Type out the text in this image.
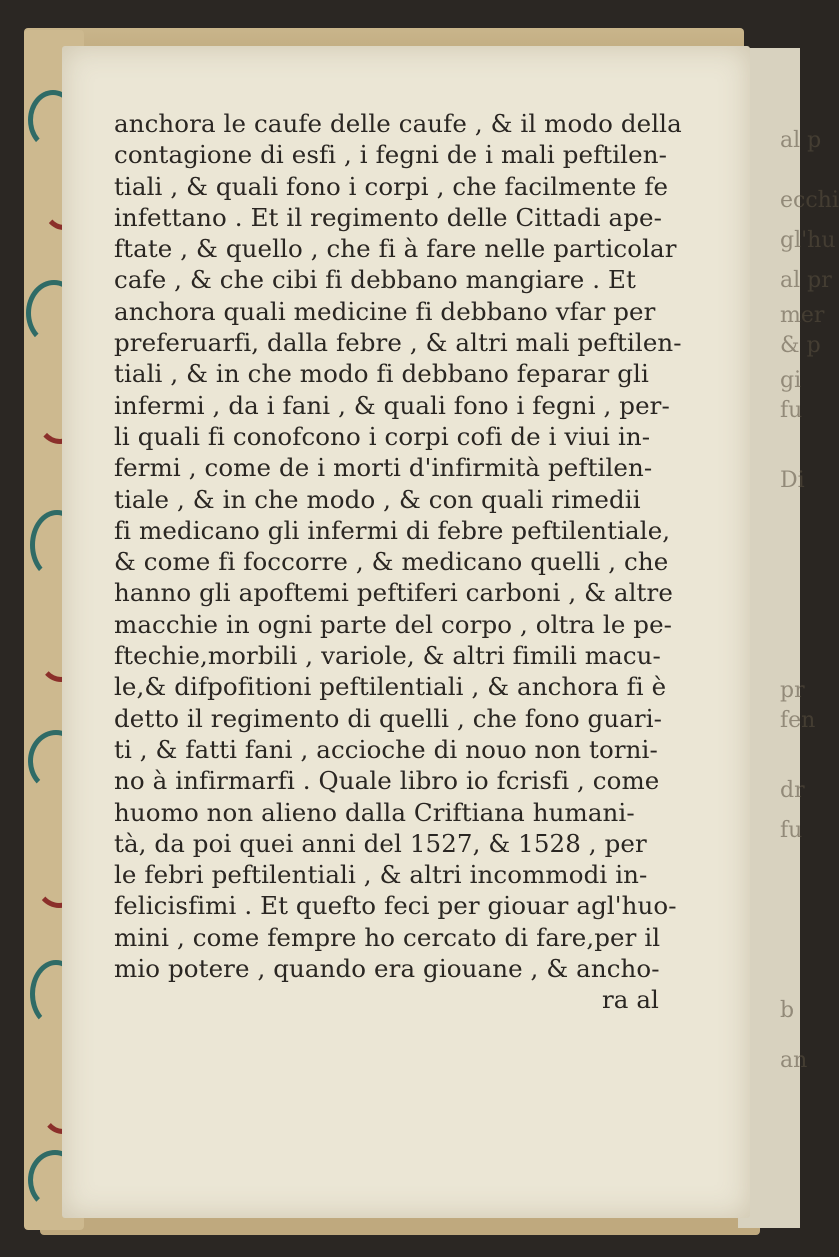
al p
ecchi
gl'hu
al pr
mer
& p
gi
fu
Di
pr
fen
dr
fu
b
an
anchora le caufe delle caufe , & il modo della
contagione di esfi , i fegni de i mali peftilen-
tiali , & quali fono i corpi , che facilmente fe
infettano . Et il regimento delle Cittadi ape-
ftate , & quello , che fi à fare nelle particolar
cafe , & che cibi fi debbano mangiare . Et
anchora quali medicine fi debbano vfar per
preferuarfi, dalla febre , & altri mali peftilen-
tiali , & in che modo fi debbano feparar gli
infermi , da i fani , & quali fono i fegni , per-
li quali fi conofcono i corpi cofi de i viui in-
fermi , come de i morti d'infirmità peftilen-
tiale , & in che modo , & con quali rimedii
fi medicano gli infermi di febre peftilentiale,
& come fi foccorre , & medicano quelli , che
hanno gli apoftemi peftiferi carboni , & altre
macchie in ogni parte del corpo , oltra le pe-
ftechie,morbili , variole, & altri fimili macu-
le,& difpofitioni peftilentiali , & anchora fi è
detto il regimento di quelli , che fono guari-
ti , & fatti fani , accioche di nouo non torni-
no à infirmarfi . Quale libro io fcrisfi , come
huomo non alieno dalla Criftiana humani-
tà, da poi quei anni del 1527, & 1528 , per
le febri peftilentiali , & altri incommodi in-
felicisfimi . Et quefto feci per giouar agl'huo-
mini , come fempre ho cercato di fare,per il
mio potere , quando era giouane , & ancho-
ra al
